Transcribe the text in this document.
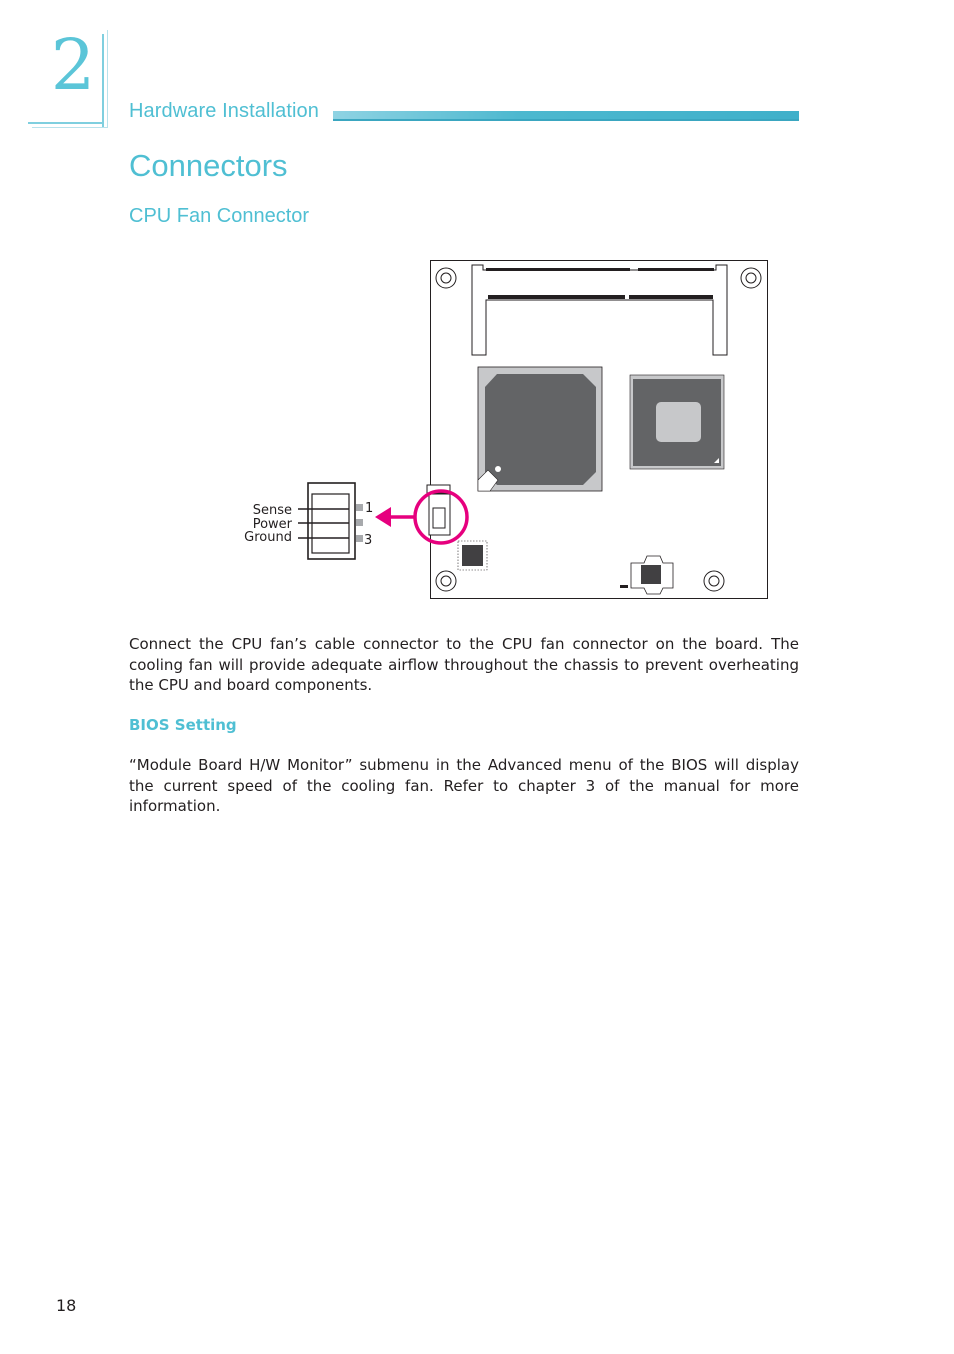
2
Hardware Installation
Connectors
CPU Fan Connector
Sense
Power
Ground
1
3
Connect the CPU fan’s cable connector to the CPU fan connector on the board. The cooling fan will provide adequate airflow throughout the chassis to prevent overheating the CPU and board components.
BIOS Setting
“Module Board H/W Monitor” submenu in the Advanced menu of the BIOS will display the current speed of the cooling fan. Refer to chapter 3 of the manual for more information.
18
